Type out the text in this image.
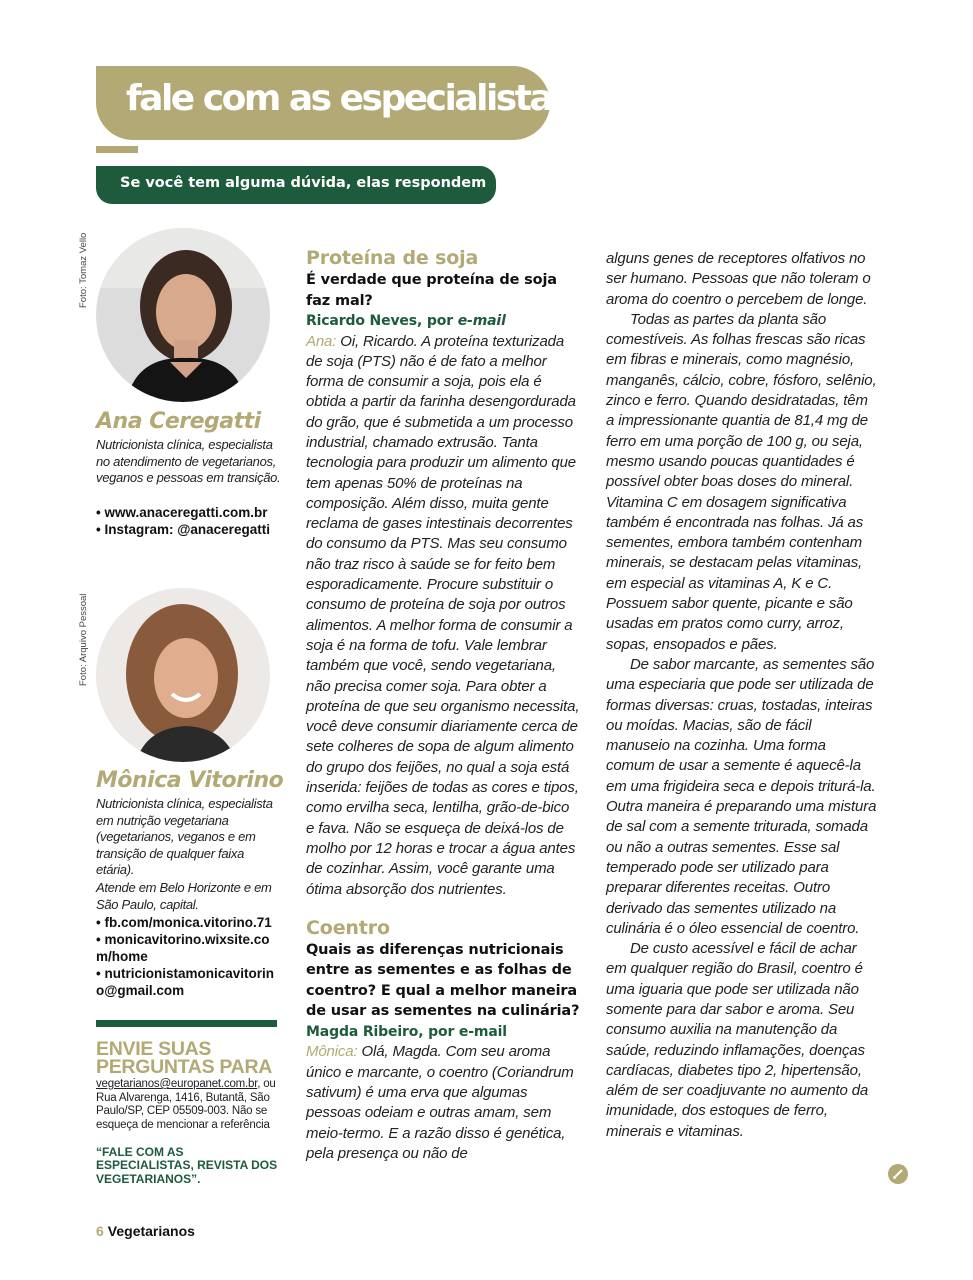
fale com as especialistas
Se você tem alguma dúvida, elas respondem
Foto: Tomaz Vello
Ana Ceregatti
Nutricionista clínica, especialista no atendimento de vegetarianos, veganos e pessoas em transição.
• www.anaceregatti.com.br
• Instagram: @anaceregatti
Foto: Arquivo Pessoal
Mônica Vitorino
Nutricionista clínica, especialista em nutrição vegetariana (vegetarianos, veganos e em transição de qualquer faixa etária).
Atende em Belo Horizonte e em São Paulo, capital.
• fb.com/monica.vitorino.71
• monicavitorino.wixsite.com/home
• nutricionistamonicavitorino@gmail.com
ENVIE SUAS PERGUNTAS PARA
vegetarianos@europanet.com.br, ou Rua Alvarenga, 1416, Butantã, São Paulo/SP, CEP 05509-003. Não se esqueça de mencionar a referência
“FALE COM AS ESPECIALISTAS, REVISTA DOS VEGETARIANOS”.
Proteína de soja
É verdade que proteína de soja faz mal?
Ricardo Neves, por e-mail

Ana: Oi, Ricardo. A proteína texturizada de soja (PTS) não é de fato a melhor forma de consumir a soja, pois ela é obtida a partir da farinha desengordurada do grão, que é submetida a um processo industrial, chamado extrusão. Tanta tecnologia para produzir um alimento que tem apenas 50% de proteínas na composição. Além disso, muita gente reclama de gases intestinais decorrentes do consumo da PTS. Mas seu consumo não traz risco à saúde se for feito bem esporadicamente. Procure substituir o consumo de proteína de soja por outros alimentos. A melhor forma de consumir a soja é na forma de tofu. Vale lembrar também que você, sendo vegetariana, não precisa comer soja. Para obter a proteína de que seu organismo necessita, você deve consumir diariamente cerca de sete colheres de sopa de algum alimento do grupo dos feijões, no qual a soja está inserida: feijões de todas as cores e tipos, como ervilha seca, lentilha, grão-de-bico e fava. Não se esqueça de deixá-los de molho por 12 horas e trocar a água antes de cozinhar. Assim, você garante uma ótima absorção dos nutrientes.

Coentro
Quais as diferenças nutricionais entre as sementes e as folhas de coentro? E qual a melhor maneira de usar as sementes na culinária?
Magda Ribeiro, por e-mail

Mônica: Olá, Magda. Com seu aroma único e marcante, o coentro (Coriandrum sativum) é uma erva que algumas pessoas odeiam e outras amam, sem meio-termo. E a razão disso é genética, pela presença ou não de

alguns genes de receptores olfativos no ser humano. Pessoas que não toleram o aroma do coentro o percebem de longe.

Todas as partes da planta são comestíveis. As folhas frescas são ricas em fibras e minerais, como magnésio, manganês, cálcio, cobre, fósforo, selênio, zinco e ferro. Quando desidratadas, têm a impressionante quantia de 81,4 mg de ferro em uma porção de 100 g, ou seja, mesmo usando poucas quantidades é possível obter boas doses do mineral. Vitamina C em dosagem significativa também é encontrada nas folhas. Já as sementes, embora também contenham minerais, se destacam pelas vitaminas, em especial as vitaminas A, K e C. Possuem sabor quente, picante e são usadas em pratos como curry, arroz, sopas, ensopados e pães.

De sabor marcante, as sementes são uma especiaria que pode ser utilizada de formas diversas: cruas, tostadas, inteiras ou moídas. Macias, são de fácil manuseio na cozinha. Uma forma comum de usar a semente é aquecê-la em uma frigideira seca e depois triturá-la. Outra maneira é preparando uma mistura de sal com a semente triturada, somada ou não a outras sementes. Esse sal temperado pode ser utilizado para preparar diferentes receitas. Outro derivado das sementes utilizado na culinária é o óleo essencial de coentro.

De custo acessível e fácil de achar em qualquer região do Brasil, coentro é uma iguaria que pode ser utilizada não somente para dar sabor e aroma. Seu consumo auxilia na manutenção da saúde, reduzindo inflamações, doenças cardíacas, diabetes tipo 2, hipertensão, além de ser coadjuvante no aumento da imunidade, dos estoques de ferro, minerais e vitaminas.

6 Vegetarianos
